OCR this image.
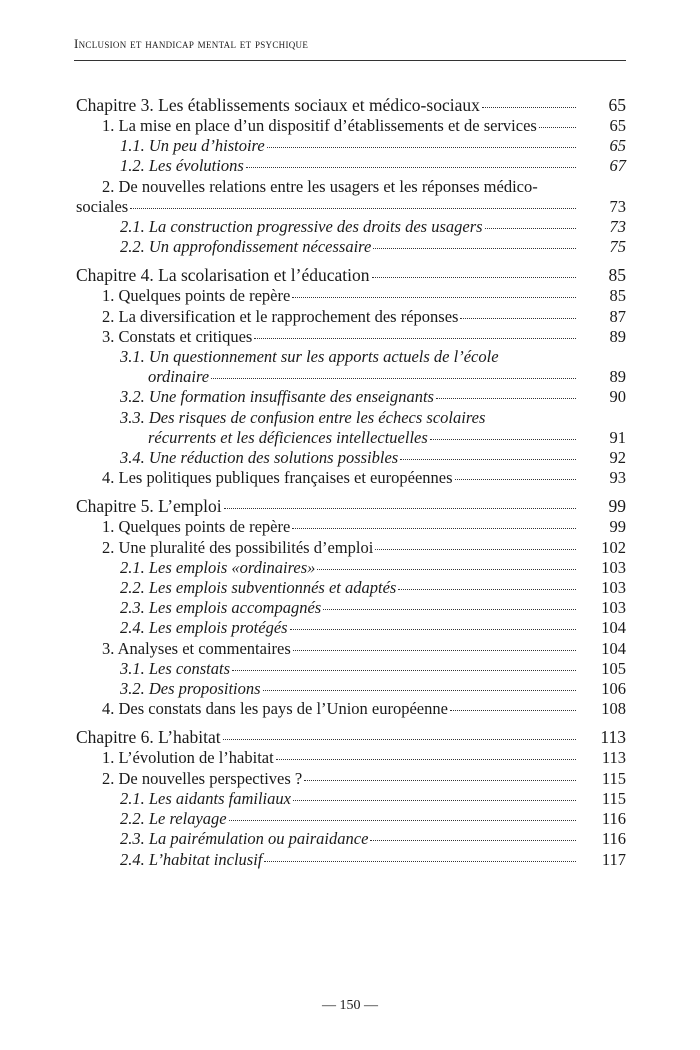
Inclusion et handicap mental et psychique
Chapitre 3. Les établissements sociaux et médico-sociaux	65
1. La mise en place d’un dispositif d’établissements et de services	65
1.1. Un peu d’histoire	65
1.2. Les évolutions	67
2. De nouvelles relations entre les usagers et les réponses médico-
sociales	73
2.1. La construction progressive des droits des usagers	73
2.2. Un approfondissement nécessaire	75
Chapitre 4. La scolarisation et l’éducation	85
1. Quelques points de repère	85
2. La diversification et le rapprochement des réponses	87
3. Constats et critiques	89
3.1. Un questionnement sur les apports actuels de l’école
ordinaire	89
3.2. Une formation insuffisante des enseignants	90
3.3. Des risques de confusion entre les échecs scolaires
récurrents et les déficiences intellectuelles	91
3.4. Une réduction des solutions possibles	92
4. Les politiques publiques françaises et européennes	93
Chapitre 5. L’emploi	99
1. Quelques points de repère	99
2. Une pluralité des possibilités d’emploi	102
2.1. Les emplois «ordinaires»	103
2.2. Les emplois subventionnés et adaptés	103
2.3. Les emplois accompagnés	103
2.4. Les emplois protégés	104
3. Analyses et commentaires	104
3.1. Les constats	105
3.2. Des propositions	106
4. Des constats dans les pays de l’Union européenne	108
Chapitre 6. L’habitat	113
1. L’évolution de l’habitat	113
2. De nouvelles perspectives ?	115
2.1. Les aidants familiaux	115
2.2. Le relayage	116
2.3. La pairémulation ou pairaidance	116
2.4. L’habitat inclusif	117
— 150 —
